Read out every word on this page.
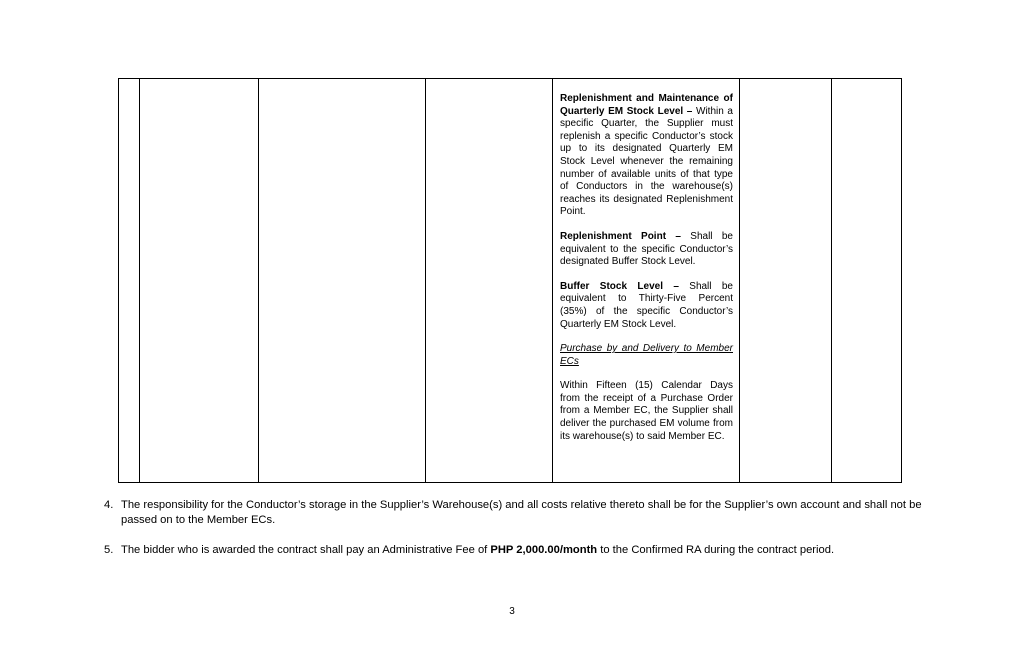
Replenishment and Maintenance of Quarterly EM Stock Level – Within a specific Quarter, the Supplier must replenish a specific Conductor’s stock up to its designated Quarterly EM Stock Level whenever the remaining number of available units of that type of Conductors in the warehouse(s) reaches its designated Replenishment Point.

Replenishment Point – Shall be equivalent to the specific Conductor’s designated Buffer Stock Level.

Buffer Stock Level – Shall be equivalent to Thirty-Five Percent (35%) of the specific Conductor’s Quarterly EM Stock Level.

Purchase by and Delivery to Member ECs

Within Fifteen (15) Calendar Days from the receipt of a Purchase Order from a Member EC, the Supplier shall deliver the purchased EM volume from its warehouse(s) to said Member EC.

4. The responsibility for the Conductor’s storage in the Supplier’s Warehouse(s) and all costs relative thereto shall be for the Supplier’s own account and shall not be passed on to the Member ECs.
5. The bidder who is awarded the contract shall pay an Administrative Fee of PHP 2,000.00/month to the Confirmed RA during the contract period.
3
